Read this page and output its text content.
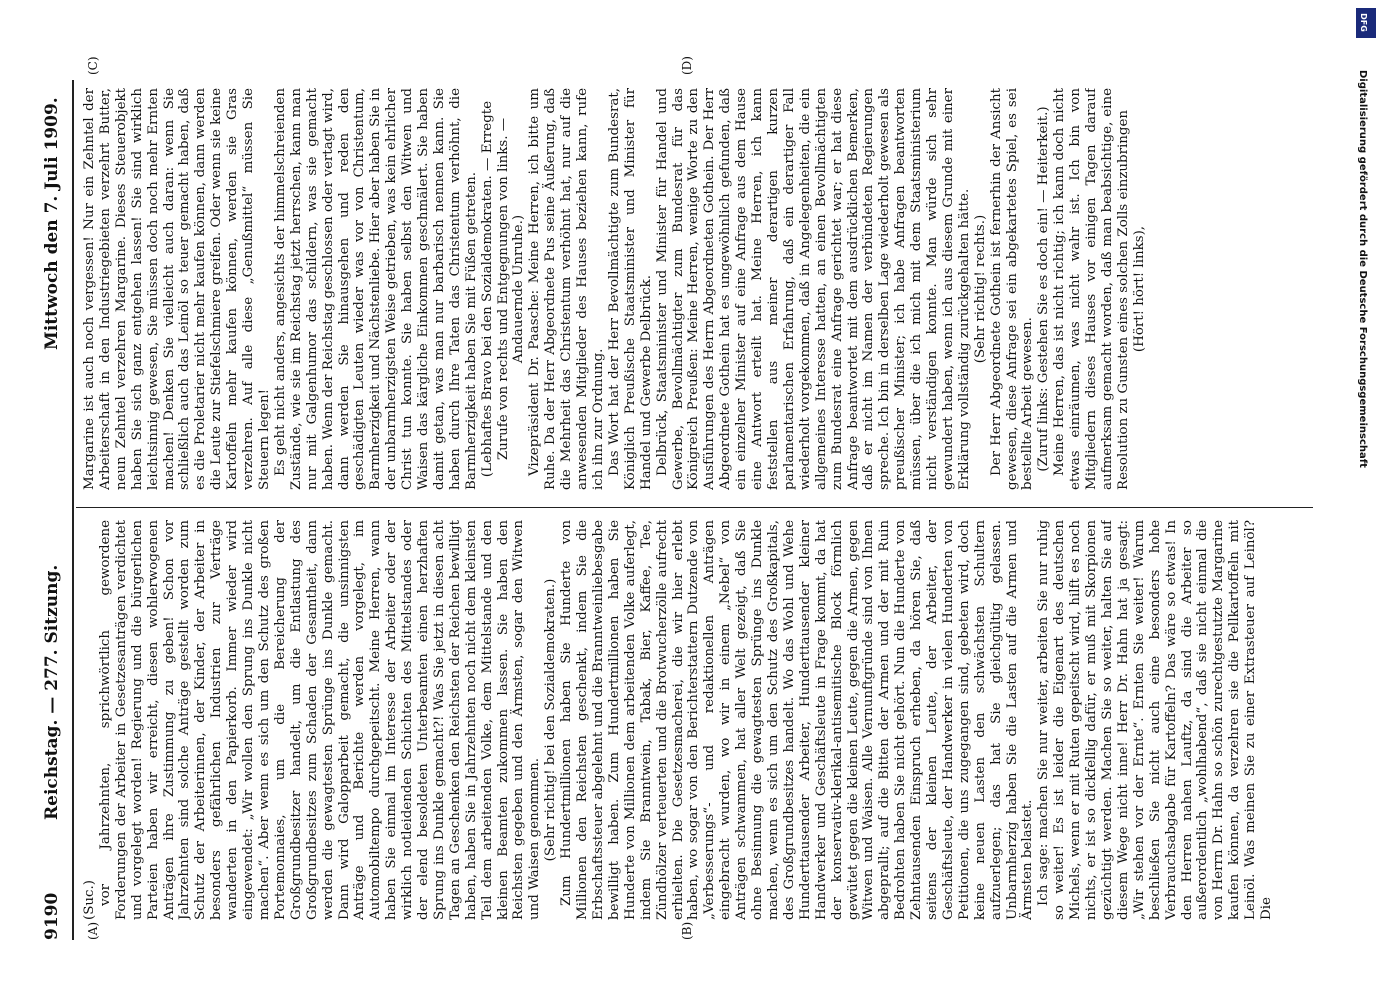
9190
Reichstag. — 277. Sitzung.
Mittwoch den 7. Juli 1909.
(A)	(B)
(C)	(D)

(Suc.) vor Jahrzehnten, sprichwörtlich gewordene Forderungen der Arbeiter in Gesetzesanträgen verdichtet und vorgelegt worden! Regierung und die bürgerlichen Parteien haben wir erreicht, diesen wohlerwogenen Anträgen ihre Zustimmung zu geben! Schon vor Jahrzehnten sind solche Anträge gestellt worden zum Schutz der Arbeiterinnen, der Kinder, der Arbeiter in besonders gefährlichen Industrien zur Verträge wanderten in den Papierkorb. Immer wieder wird eingewendet: „Wir wollen den Sprung ins Dunkle nicht machen“. Aber wenn es sich um den Schutz des großen Portemonnaies, um die Bereicherung der Großgrundbesitzer handelt, um die Entlastung des Großgrundbesitzes zum Schaden der Gesamtheit, dann werden die gewagtesten Sprünge ins Dunkle gemacht. Dann wird Galopparbeit gemacht, die unsinnigsten Anträge und Berichte werden vorgelegt, im Automobiltempo durchgepeitscht. Meine Herren, wann haben Sie einmal im Interesse der Arbeiter oder der wirklich notleidenden Schichten des Mittelstandes oder der elend besoldeten Unterbeamten einen herzhaften Sprung ins Dunkle gemacht?! Was Sie jetzt in diesen acht Tagen an Geschenken den Reichsten der Reichen bewilligt haben, haben Sie in Jahrzehnten noch nicht dem kleinsten Teil dem arbeitenden Volke, dem Mittelstande und den kleinen Beamten zukommen lassen. Sie haben den Reichsten gegeben und den Ärmsten, sogar den Witwen und Waisen genommen. (Sehr richtig! bei den Sozialdemokraten.) Zum Hundertmillionen haben Sie Hunderte von Millionen den Reichsten geschenkt, indem Sie die Erbschaftssteuer abgelehnt und die Branntweinliebesgabe bewilligt haben. Zum Hundertmillionen haben Sie Hunderte von Millionen dem arbeitenden Volke auferlegt, indem Sie Branntwein, Tabak, Bier, Kaffee, Tee, Zündhölzer verteuerten und die Brotwucherzölle aufrecht erhielten. Die Gesetzesmacherei, die wir hier erlebt haben, wo sogar von den Berichterstattern Dutzende von „Verbesserungs“- und redaktionellen Anträgen eingebracht wurden, wo wir in einem „Nebel“ von Anträgen schwammen, hat aller Welt gezeigt, daß Sie ohne Besinnung die gewagtesten Sprünge ins Dunkle machen, wenn es sich um den Schutz des Großkapitals, des Großgrundbesitzes handelt. Wo das Wohl und Wehe Hunderttausender Arbeiter, Hunderttausender kleiner Handwerker und Geschäftsleute in Frage kommt, da hat der konservativ-klerikal-antisemitische Block förmlich gewütet gegen die kleinen Leute, gegen die Armen, gegen Witwen und Waisen. Alle Vernunftgründe sind von Ihnen abgeprallt; auf die Bitten der Armen und der mit Ruin Bedrohten haben Sie nicht gehört. Nun die Hunderte von Zehntausenden Einspruch erheben, da hören Sie, daß seitens der kleinen Leute, der Arbeiter, der Geschäftsleute, der Handwerker in vielen Hunderten von Petitionen, die uns zugegangen sind, gebeten wird, doch keine neuen Lasten den schwächsten Schultern aufzuerlegen; das hat Sie gleichgültig gelassen. Unbarmherzig haben Sie die Lasten auf die Armen und Ärmsten belastet. Ich sage: machen Sie nur weiter, arbeiten Sie nur ruhig so weiter! Es ist leider die Eigenart des deutschen Michels, wenn er mit Ruten gepeitscht wird, hilft es noch nichts, er ist so dickfellig dafür, er muß mit Skorpionen gezüchtigt werden. Machen Sie so weiter, halten Sie auf diesem Wege nicht inne! Herr Dr. Hahn hat ja gesagt: „Wir stehen vor der Ernte“. Ernten Sie weiter! Warum beschließen Sie nicht auch eine besonders hohe Verbrauchsabgabe für Kartoffeln? Das wäre so etwas! In den Herren nahen Lauftz, da sind die Arbeiter so außerordentlich „wohlhabend“, daß sie nicht einmal die von Herrn Dr. Hahn so schön zurechtgestutzte Margarine kaufen können, da verzehren sie die Pellkartoffeln mit Leinöl. Was meinen Sie zu einer Extrasteuer auf Leinöl? Die

Margarine ist auch noch vergessen! Nur ein Zehntel der Arbeiterschaft in den Industriegebieten verzehrt Butter, neun Zehntel verzehren Margarine. Dieses Steuerobjekt haben Sie sich ganz entgehen lassen! Sie sind wirklich leichtsinnig gewesen, Sie müssen doch noch mehr Ernten machen! Denken Sie vielleicht auch daran: wenn Sie schließlich auch das Leinöl so teuer gemacht haben, daß es die Proletarier nicht mehr kaufen können, dann werden die Leute zur Stiefelschmiere greifen. Oder wenn sie keine Kartoffeln mehr kaufen können, werden sie Gras verzehren. Auf alle diese „Genußmittel“ müssen Sie Steuern legen! Es geht nicht anders, angesichts der himmelschreienden Zustände, wie sie im Reichstag jetzt herrschen, kann man nur mit Galgenhumor das schildern, was sie gemacht haben. Wenn der Reichstag geschlossen oder vertagt wird, dann werden Sie hinausgehen und reden den geschädigten Leuten wieder was vor von Christentum, Barmherzigkeit und Nächstenliebe. Hier aber haben Sie in der unbarmherzigsten Weise getrieben, was kein ehrlicher Christ tun konnte. Sie haben selbst den Witwen und Waisen das kärgliche Einkommen geschmälert. Sie haben damit getan, was man nur barbarisch nennen kann. Sie haben durch Ihre Taten das Christentum verhöhnt, die Barmherzigkeit haben Sie mit Füßen getreten. (Lebhaftes Bravo bei den Sozialdemokraten. — Erregte Zurufe von rechts und Entgegnungen von links. — Andauernde Unruhe.) Vizepräsident Dr. Paasche: Meine Herren, ich bitte um Ruhe. Da der Herr Abgeordnete Pus seine Äußerung, daß die Mehrheit das Christentum verhöhnt hat, nur auf die anwesenden Mitglieder des Hauses beziehen kann, rufe ich ihn zur Ordnung. Das Wort hat der Herr Bevollmächtigte zum Bundesrat, Königlich Preußische Staatsminister und Minister für Handel und Gewerbe Delbrück. Delbrück, Staatsminister und Minister für Handel und Gewerbe, Bevollmächtigter zum Bundesrat für das Königreich Preußen: Meine Herren, wenige Worte zu den Ausführungen des Herrn Abgeordneten Gothein. Der Herr Abgeordnete Gothein hat es ungewöhnlich gefunden, daß ein einzelner Minister auf eine Anfrage aus dem Hause eine Antwort erteilt hat. Meine Herren, ich kann feststellen aus meiner derartigen kurzen parlamentarischen Erfahrung, daß ein derartiger Fall wiederholt vorgekommen, daß in Angelegenheiten, die ein allgemeines Interesse hatten, an einen Bevollmächtigten zum Bundesrat eine Anfrage gerichtet war; er hat diese Anfrage beantwortet mit dem ausdrücklichen Bemerken, daß er nicht im Namen der verbündeten Regierungen spreche. Ich bin in derselben Lage wiederholt gewesen als preußischer Minister; ich habe Anfragen beantworten müssen, über die ich mich mit dem Staatsministerium nicht verständigen konnte. Man würde sich sehr gewundert haben, wenn ich aus diesem Grunde mit einer Erklärung vollständig zurückgehalten hätte. (Sehr richtig! rechts.) Der Herr Abgeordnete Gothein ist fernerhin der Ansicht gewesen, diese Anfrage sei ein abgekartetes Spiel, es sei bestellte Arbeit gewesen. (Zuruf links: Gestehen Sie es doch ein! — Heiterkeit.) Meine Herren, das ist nicht richtig; ich kann doch nicht etwas einräumen, was nicht wahr ist. Ich bin von Mitgliedern dieses Hauses vor einigen Tagen darauf aufmerksam gemacht worden, daß man beabsichtige, eine Resolution zu Gunsten eines solchen Zolls einzubringen (Hört! hört! links),	Digitalisierung gefördert durch die Deutsche Forschungsgemeinschaft
DFG
